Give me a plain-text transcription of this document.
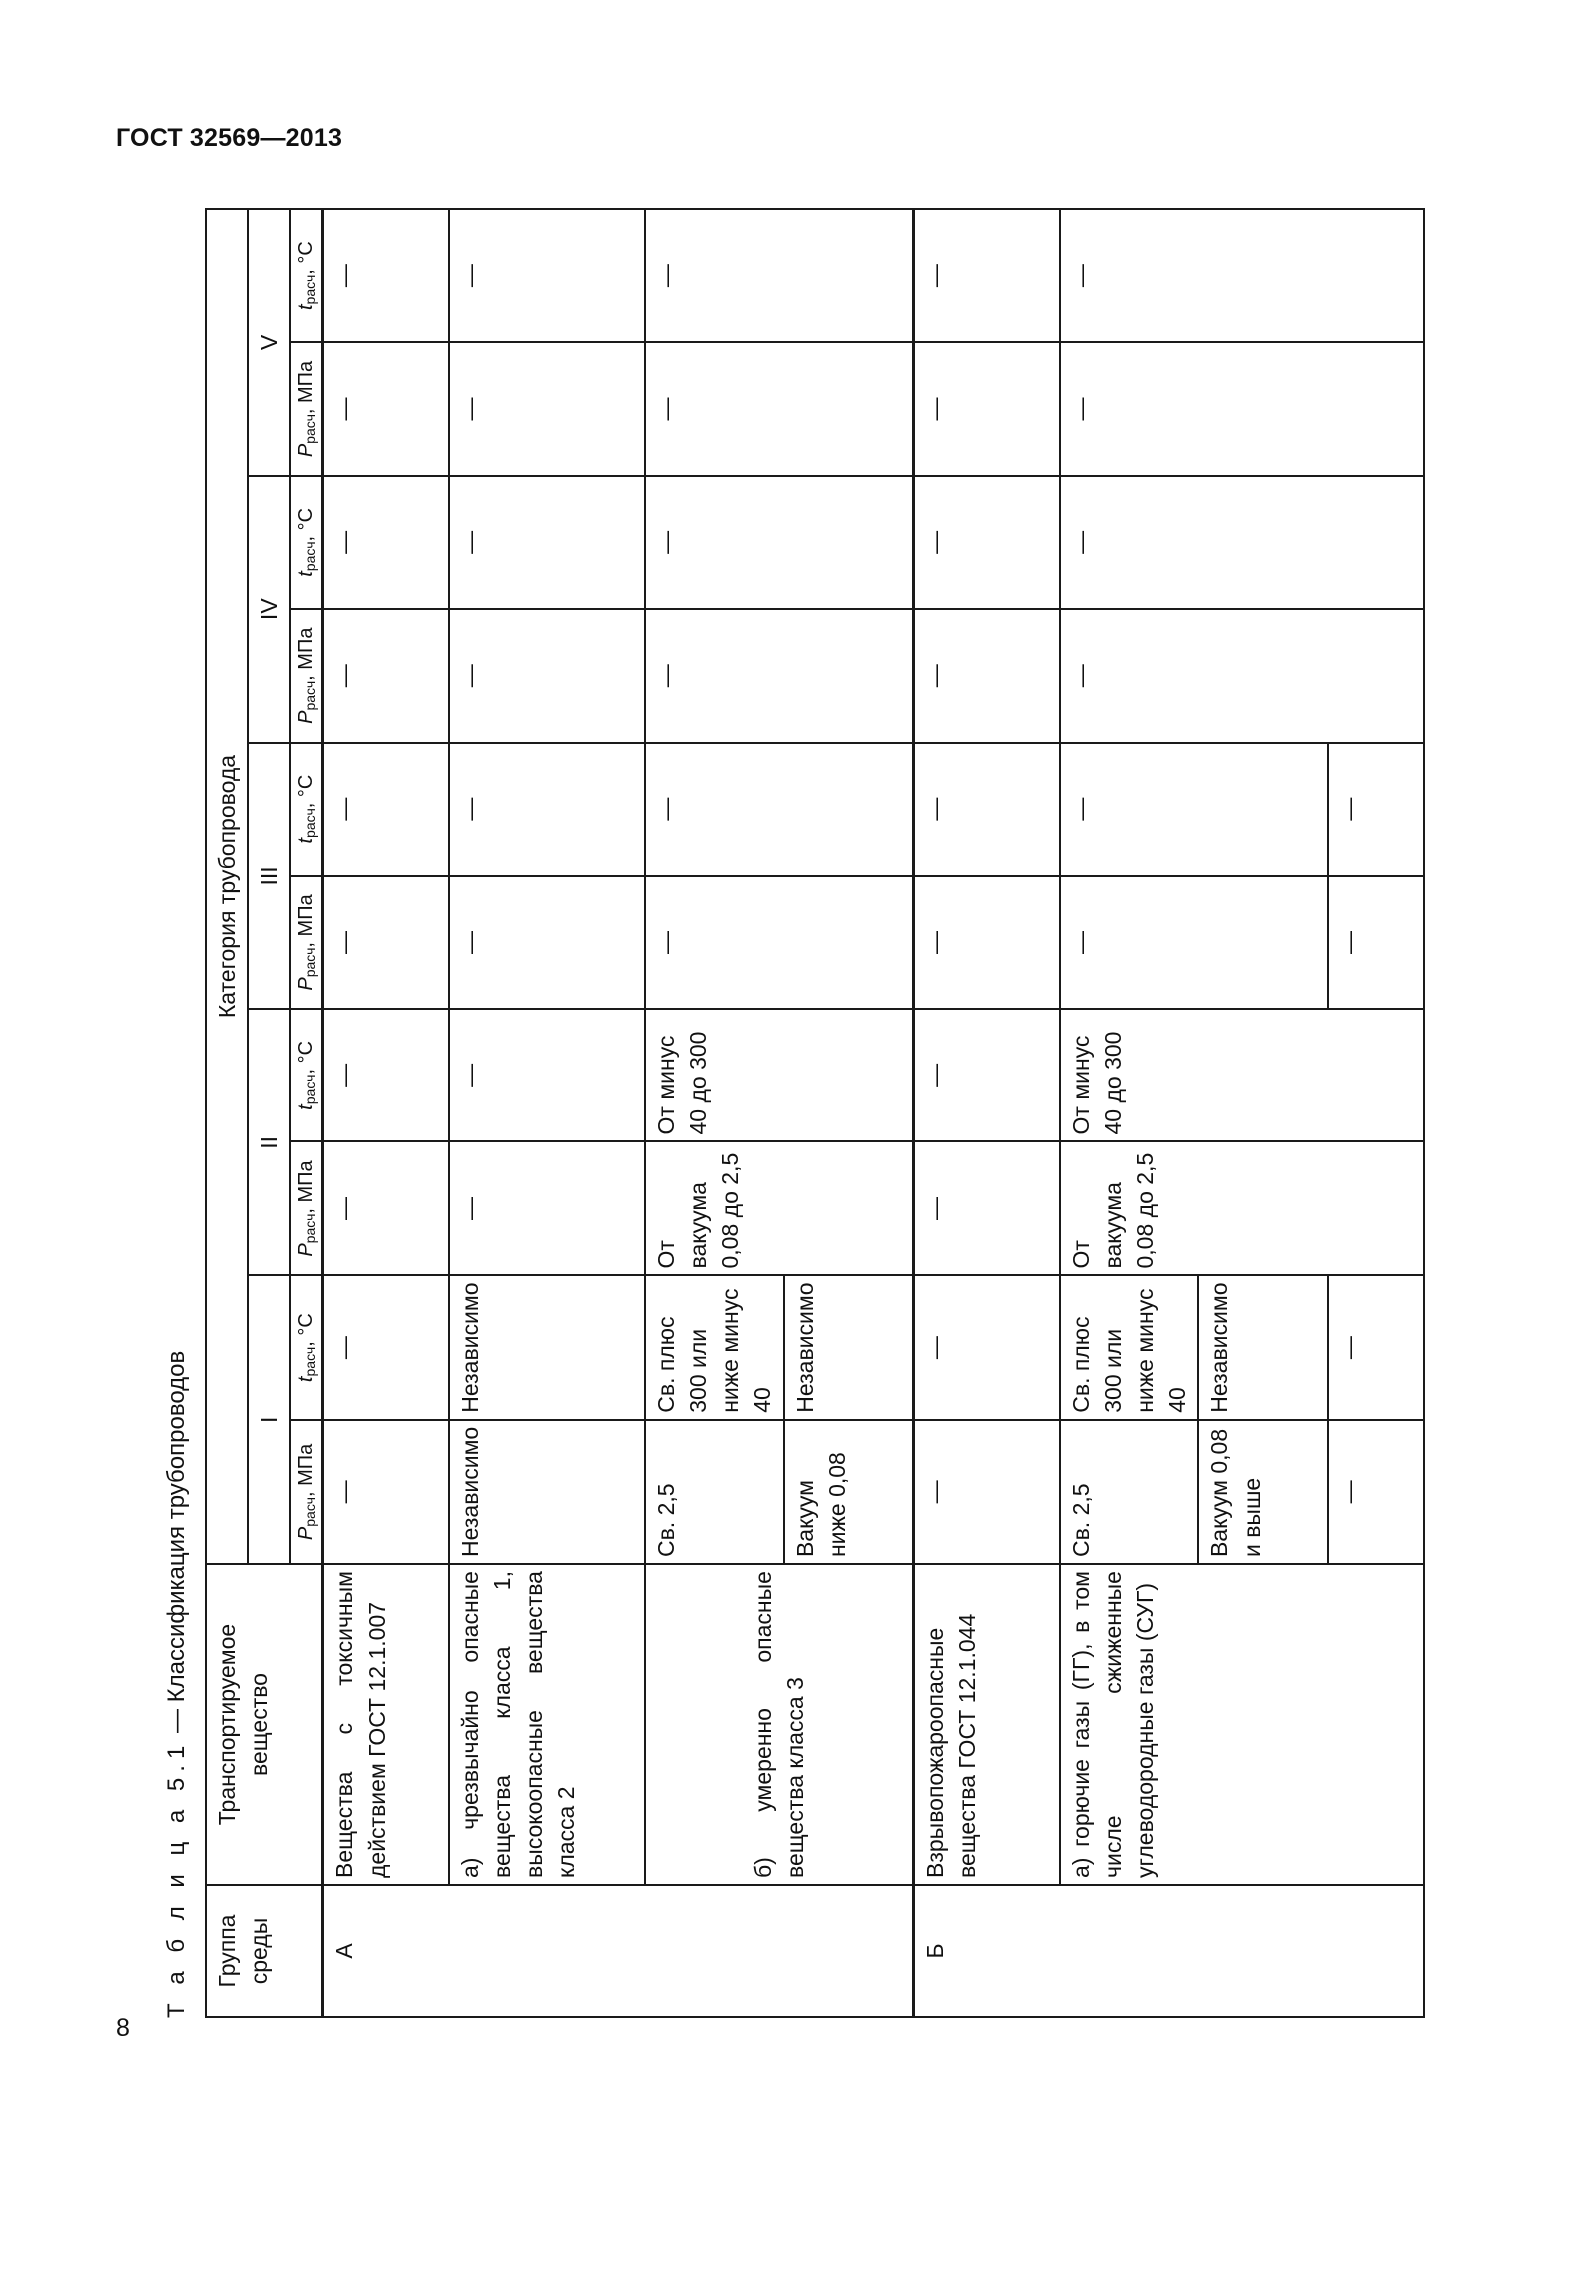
ГОСТ 32569—2013
8
Т а б л и ц а 5.1 — Классификация трубопроводов
Группа среды	Транспортируемое вещество	Категория трубопровода									
		I		II		III		IV		V	
		Pрасч, МПа	tрасч, °С	Pрасч, МПа	tрасч, °С	Pрасч, МПа	tрасч, °С	Pрасч, МПа	tрасч, °С	Pрасч, МПа	tрасч, °С
А	Вещества с токсичным действием ГОСТ 12.1.007	—	—	—	—	—	—	—	—	—	—
	а) чрезвычайно опасные вещества класса 1, высокоопасные вещества класса 2	Независимо	Независимо	—	—	—	—	—	—	—	—
	б) умеренно опасные вещества класса 3	Св. 2,5	Св. плюс 300 или ниже минус 40	От вакуума 0,08 до 2,5	От минус 40 до 300	—	—	—	—	—	—
		Вакуум ниже 0,08	Независимо								
Б	Взрывопожароопасные вещества ГОСТ 12.1.044	—	—	—	—	—	—	—	—	—	—
	а) горючие газы (ГГ), в том числе сжиженные углеводородные газы (СУГ)	Св. 2,5	Св. плюс 300 или ниже минус 40	От вакуума 0,08 до 2,5	От минус 40 до 300	—	—	—	—	—	—
		Вакуум 0,08 и выше	Независимо								
		—	—			—	—				
